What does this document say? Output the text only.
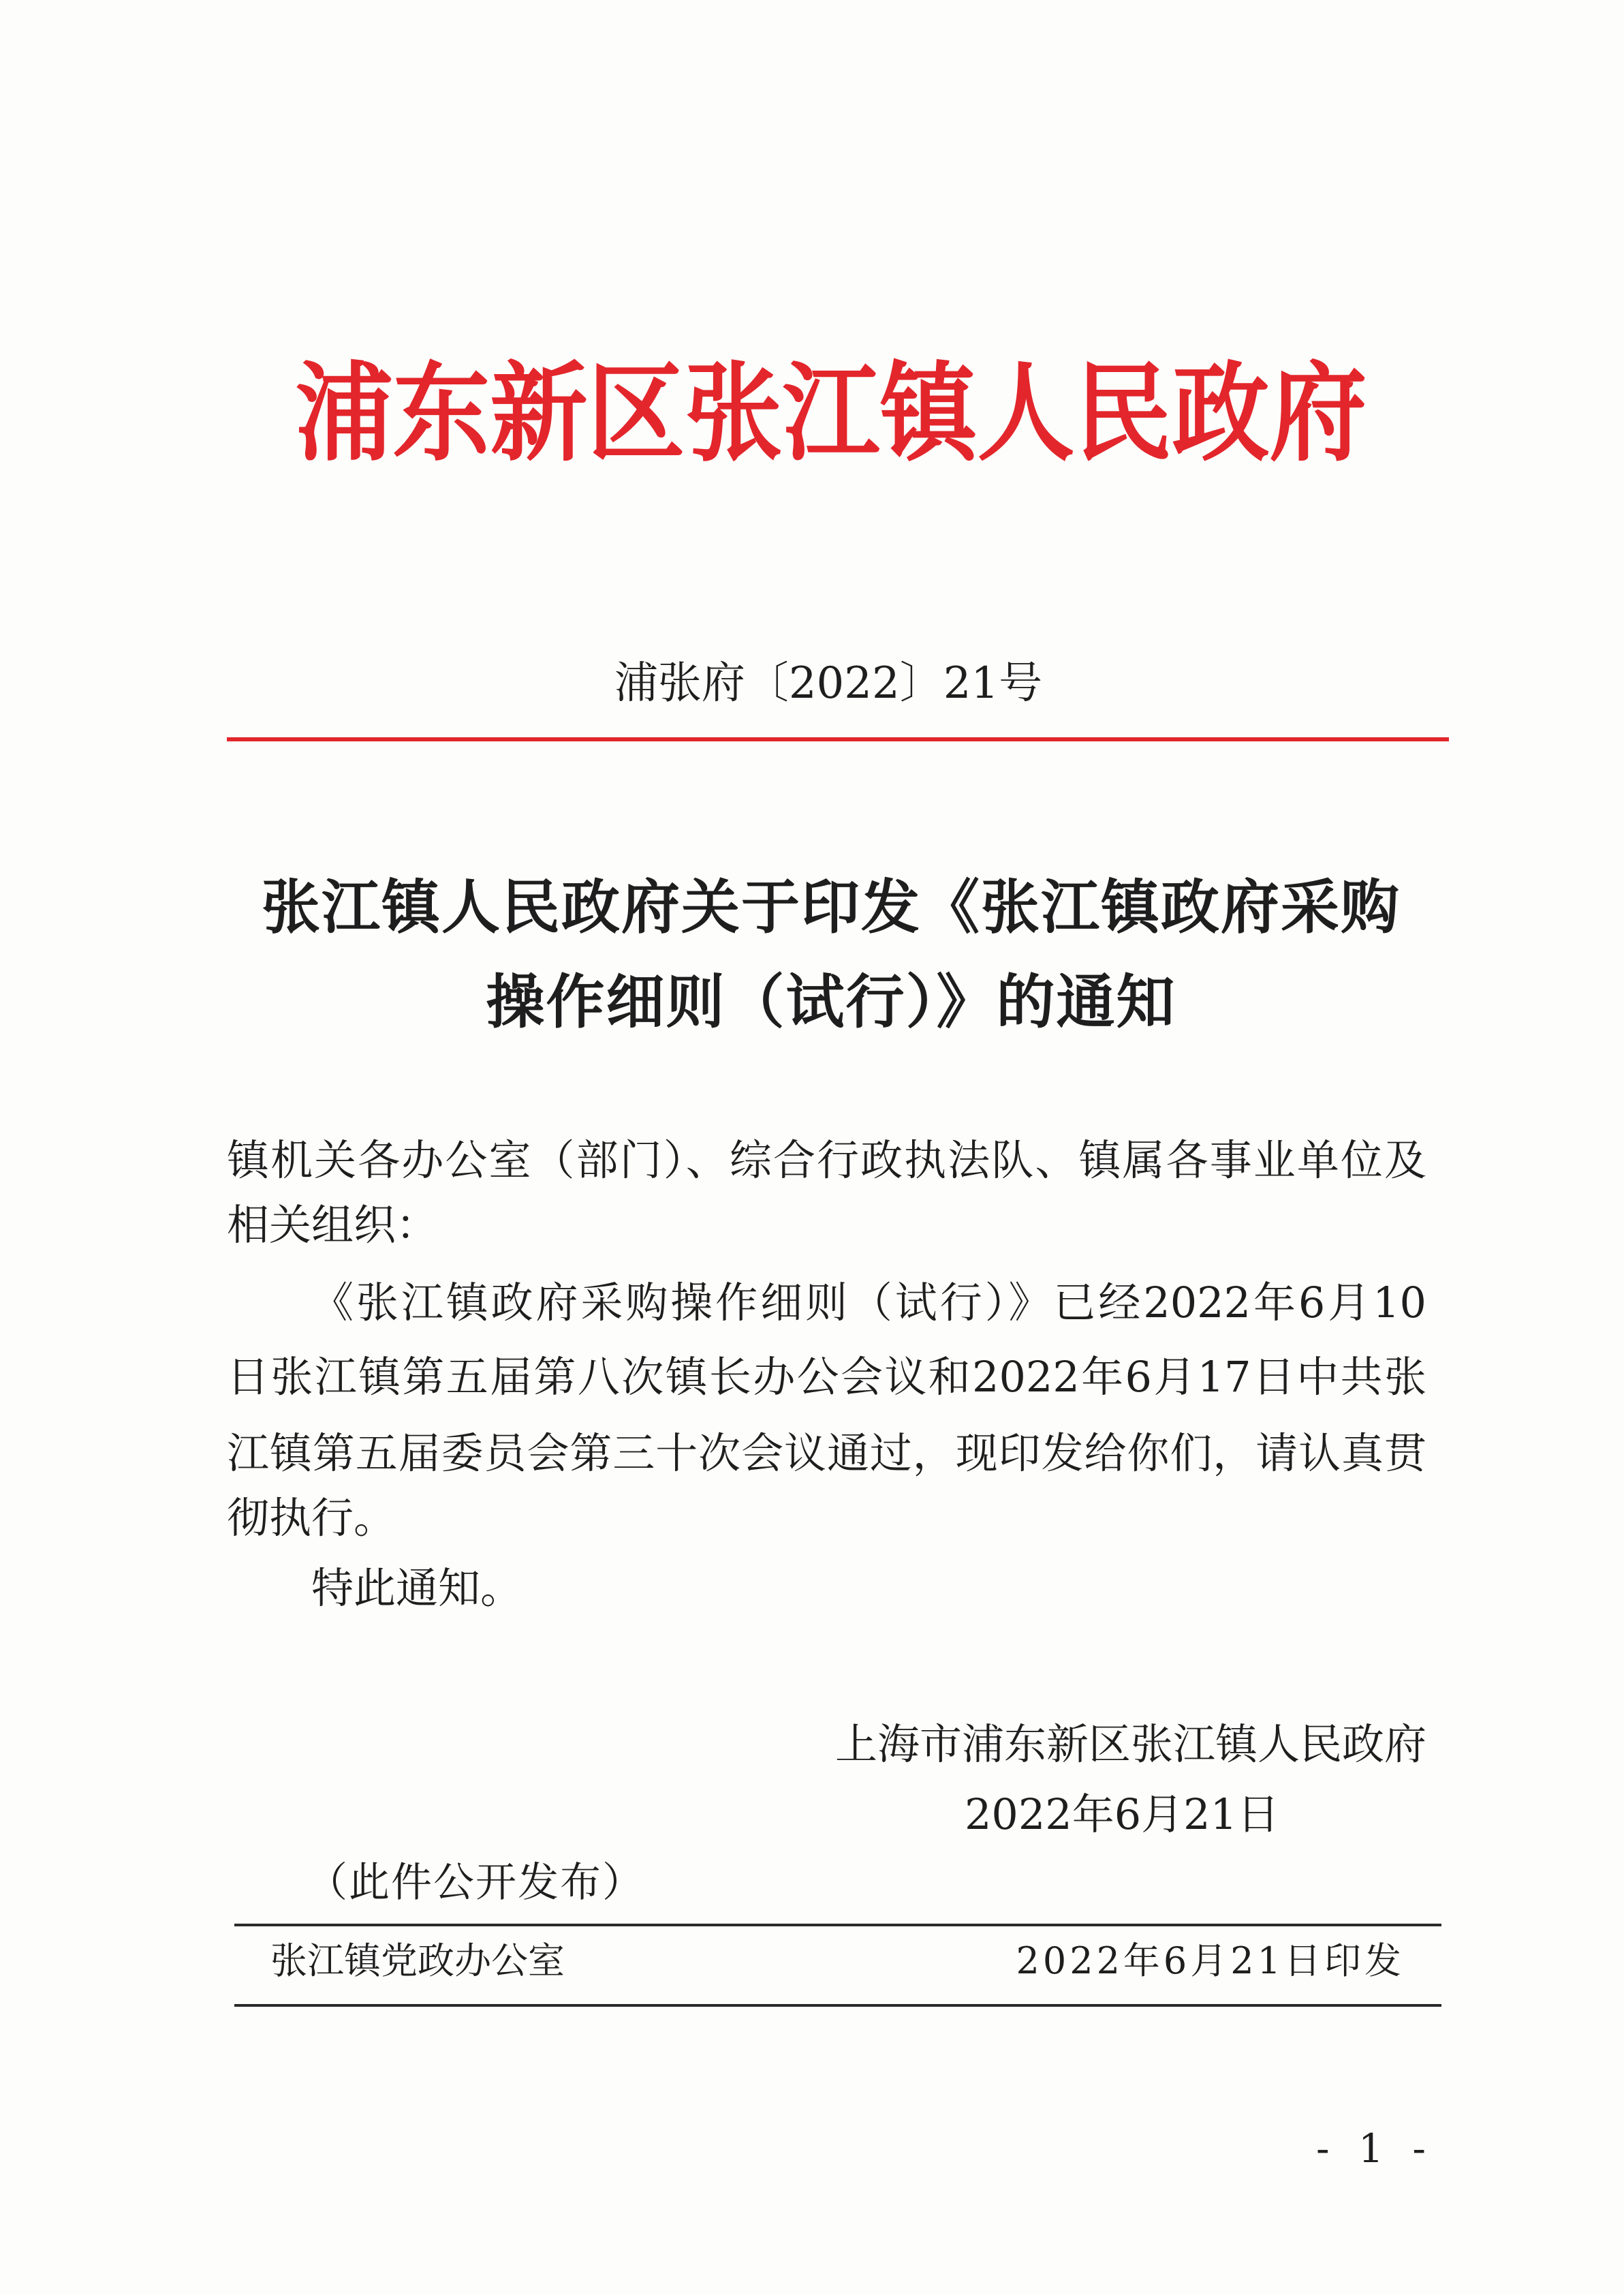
浦东新区张江镇人民政府
浦张府〔2022〕21号
张江镇人民政府关于印发《张江镇政府采购
操作细则（试行）》的通知

镇机关各办公室（部门）、综合行政执法队、镇属各事业单位及

相关组织：

《张江镇政府采购操作细则（试行）》已经2022年6月10

日张江镇第五届第八次镇长办公会议和2022年6月17日中共张

江镇第五届委员会第三十次会议通过，现印发给你们，请认真贯

彻执行。

特此通知。

上海市浦东新区张江镇人民政府
2022年6月21日
（此件公开发布）
张江镇党政办公室	2022年6月21日印发
- 1 -
